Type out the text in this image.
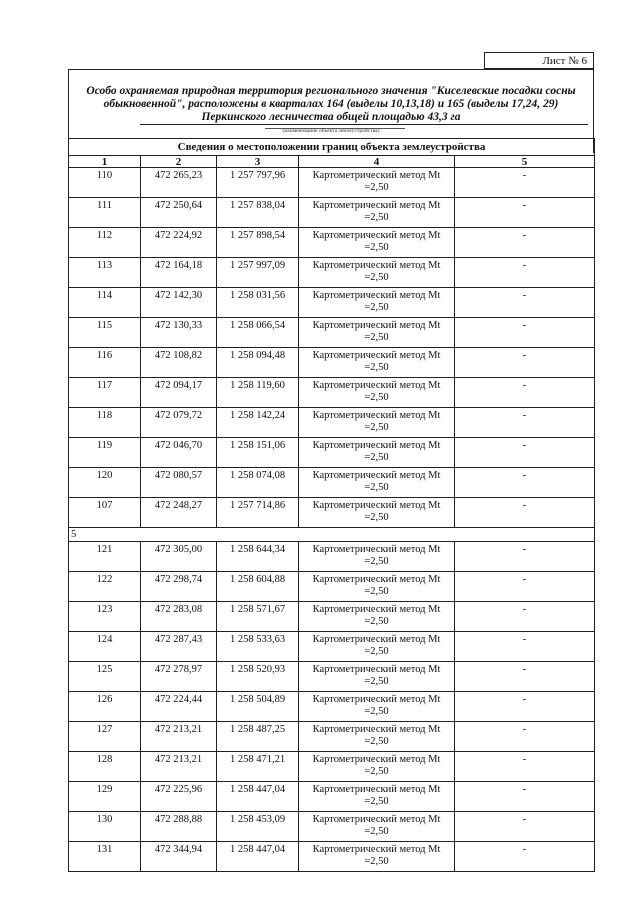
Лист № 6
Особо охраняемая природная территория регионального значения "Киселевские посадки сосны
обыкновенной", расположены в кварталах 164 (выделы 10,13,18) и 165 (выделы 17,24, 29)
Перкинского лесничества общей площадью 43,3 га
(наименование объекта землеустройства)
Сведения о местоположении границ объекта землеустройства				
1	2	3	4	5
110	472 265,23	1 257 797,96	Картометрический метод Mt
=2,50	-
111	472 250,64	1 257 838,04	Картометрический метод Mt
=2,50	-
112	472 224,92	1 257 898,54	Картометрический метод Mt
=2,50	-
113	472 164,18	1 257 997,09	Картометрический метод Mt
=2,50	-
114	472 142,30	1 258 031,56	Картометрический метод Mt
=2,50	-
115	472 130,33	1 258 066,54	Картометрический метод Mt
=2,50	-
116	472 108,82	1 258 094,48	Картометрический метод Mt
=2,50	-
117	472 094,17	1 258 119,60	Картометрический метод Mt
=2,50	-
118	472 079,72	1 258 142,24	Картометрический метод Mt
=2,50	-
119	472 046,70	1 258 151,06	Картометрический метод Mt
=2,50	-
120	472 080,57	1 258 074,08	Картометрический метод Mt
=2,50	-
107	472 248,27	1 257 714,86	Картометрический метод Mt
=2,50	-
5				
121	472 305,00	1 258 644,34	Картометрический метод Mt
=2,50	-
122	472 298,74	1 258 604,88	Картометрический метод Mt
=2,50	-
123	472 283,08	1 258 571,67	Картометрический метод Mt
=2,50	-
124	472 287,43	1 258 533,63	Картометрический метод Mt
=2,50	-
125	472 278,97	1 258 520,93	Картометрический метод Mt
=2,50	-
126	472 224,44	1 258 504,89	Картометрический метод Mt
=2,50	-
127	472 213,21	1 258 487,25	Картометрический метод Mt
=2,50	-
128	472 213,21	1 258 471,21	Картометрический метод Mt
=2,50	-
129	472 225,96	1 258 447,04	Картометрический метод Mt
=2,50	-
130	472 288,88	1 258 453,09	Картометрический метод Mt
=2,50	-
131	472 344,94	1 258 447,04	Картометрический метод Mt
=2,50	-
